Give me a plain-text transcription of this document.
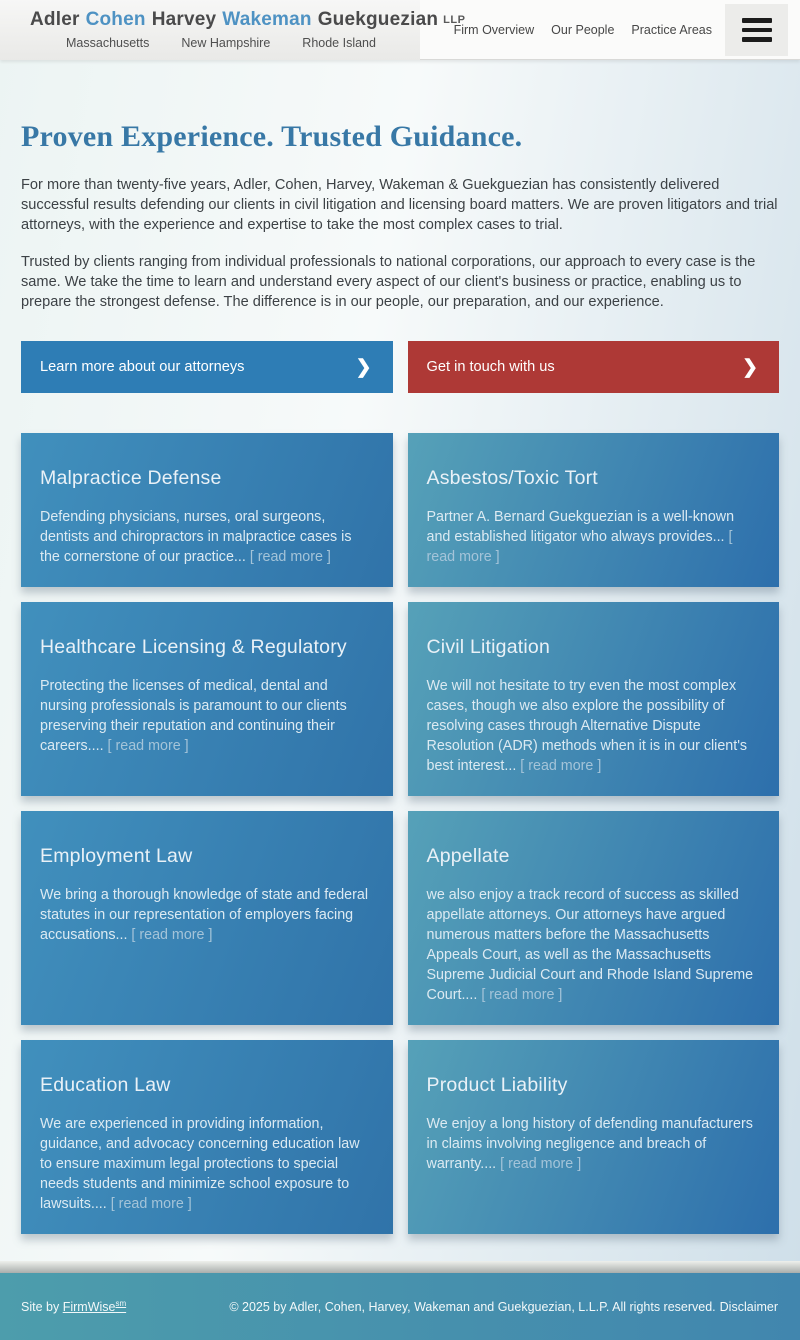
Adler Cohen Harvey Wakeman Guekguezian LLP
Massachusetts	New Hampshire	Rhode Island
Firm Overview Our People Practice Areas
Proven Experience. Trusted Guidance.

For more than twenty-five years, Adler, Cohen, Harvey, Wakeman & Guekguezian has consistently delivered successful results defending our clients in civil litigation and licensing board matters. We are proven litigators and trial attorneys, with the experience and expertise to take the most complex cases to trial.

Trusted by clients ranging from individual professionals to national corporations, our approach to every case is the same. We take the time to learn and understand every aspect of our client's business or practice, enabling us to prepare the strongest defense. The difference is in our people, our preparation, and our experience.

Learn more about our attorneys	❯	Get in touch with us	❯
Malpractice Defense

Defending physicians, nurses, oral surgeons, dentists and chiropractors in malpractice cases is the cornerstone of our practice... [ read more ]

Asbestos/Toxic Tort

Partner A. Bernard Guekguezian is a well-known and established litigator who always provides... [ read more ]

Healthcare Licensing & Regulatory

Protecting the licenses of medical, dental and nursing professionals is paramount to our clients preserving their reputation and continuing their careers.... [ read more ]

Civil Litigation

We will not hesitate to try even the most complex cases, though we also explore the possibility of resolving cases through Alternative Dispute Resolution (ADR) methods when it is in our client's best interest... [ read more ]

Employment Law

We bring a thorough knowledge of state and federal statutes in our representation of employers facing accusations... [ read more ]

Appellate

we also enjoy a track record of success as skilled appellate attorneys. Our attorneys have argued numerous matters before the Massachusetts Appeals Court, as well as the Massachusetts Supreme Judicial Court and Rhode Island Supreme Court.... [ read more ]

Education Law

We are experienced in providing information, guidance, and advocacy concerning education law to ensure maximum legal protections to special needs students and minimize school exposure to lawsuits.... [ read more ]

Product Liability

We enjoy a long history of defending manufacturers in claims involving negligence and breach of warranty.... [ read more ]

Site by FirmWise$^{sm}$	© 2025 by Adler, Cohen, Harvey, Wakeman and Guekguezian, L.L.P. All rights reserved. Disclaimer
